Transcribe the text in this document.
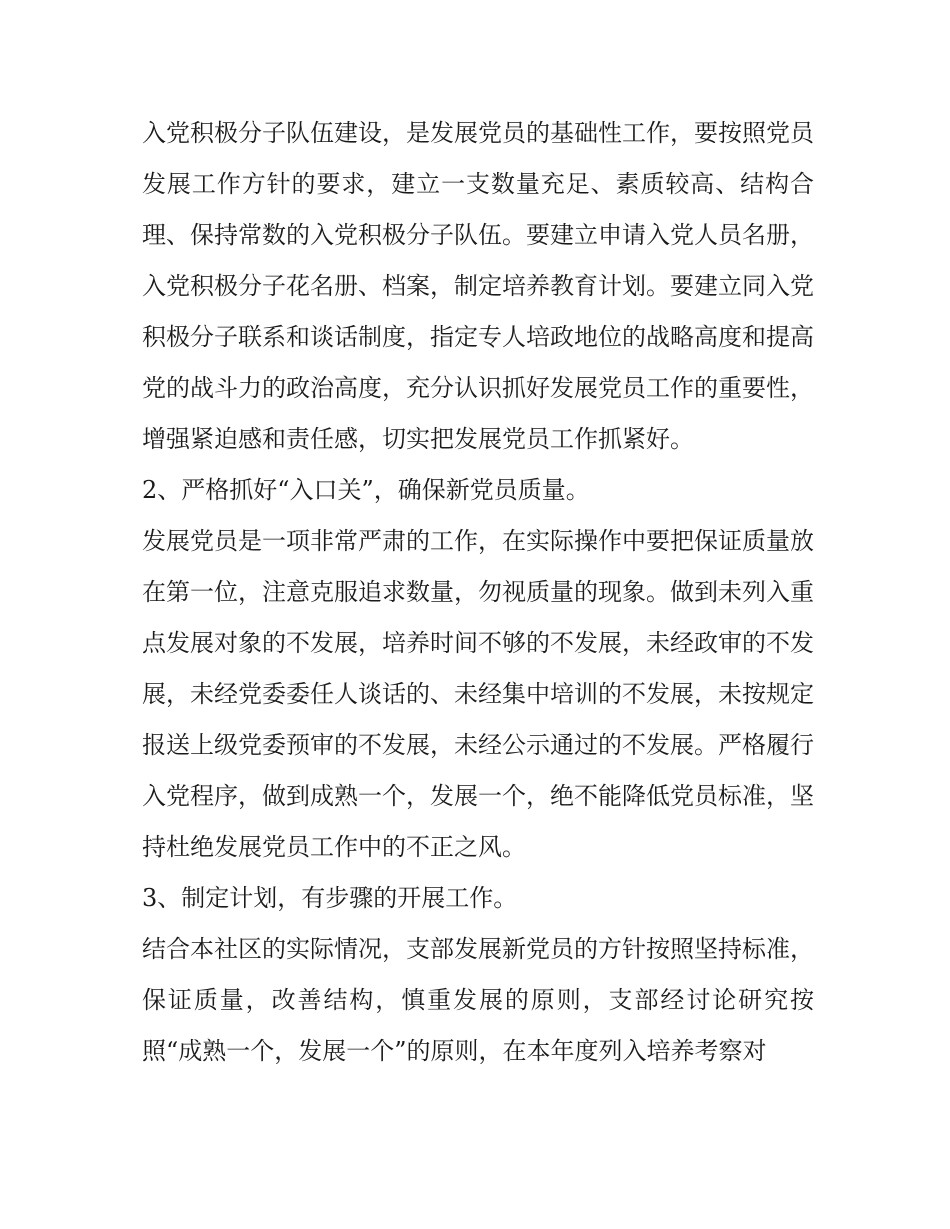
入党积极分子队伍建设，是发展党员的基础性工作，要按照党员发展工作方针的要求，建立一支数量充足、素质较高、结构合理、保持常数的入党积极分子队伍。要建立申请入党人员名册，入党积极分子花名册、档案，制定培养教育计划。要建立同入党积极分子联系和谈话制度，指定专人培政地位的战略高度和提高党的战斗力的政治高度，充分认识抓好发展党员工作的重要性，增强紧迫感和责任感，切实把发展党员工作抓紧好。

2、严格抓好“入口关”，确保新党员质量。

发展党员是一项非常严肃的工作，在实际操作中要把保证质量放在第一位，注意克服追求数量，勿视质量的现象。做到未列入重点发展对象的不发展，培养时间不够的不发展，未经政审的不发展，未经党委委任人谈话的、未经集中培训的不发展，未按规定报送上级党委预审的不发展，未经公示通过的不发展。严格履行入党程序，做到成熟一个，发展一个，绝不能降低党员标准，坚持杜绝发展党员工作中的不正之风。

3、制定计划，有步骤的开展工作。

结合本社区的实际情况，支部发展新党员的方针按照坚持标准，保证质量，改善结构，慎重发展的原则，支部经讨论研究按照“成熟一个，发展一个”的原则，在本年度列入培养考察对
